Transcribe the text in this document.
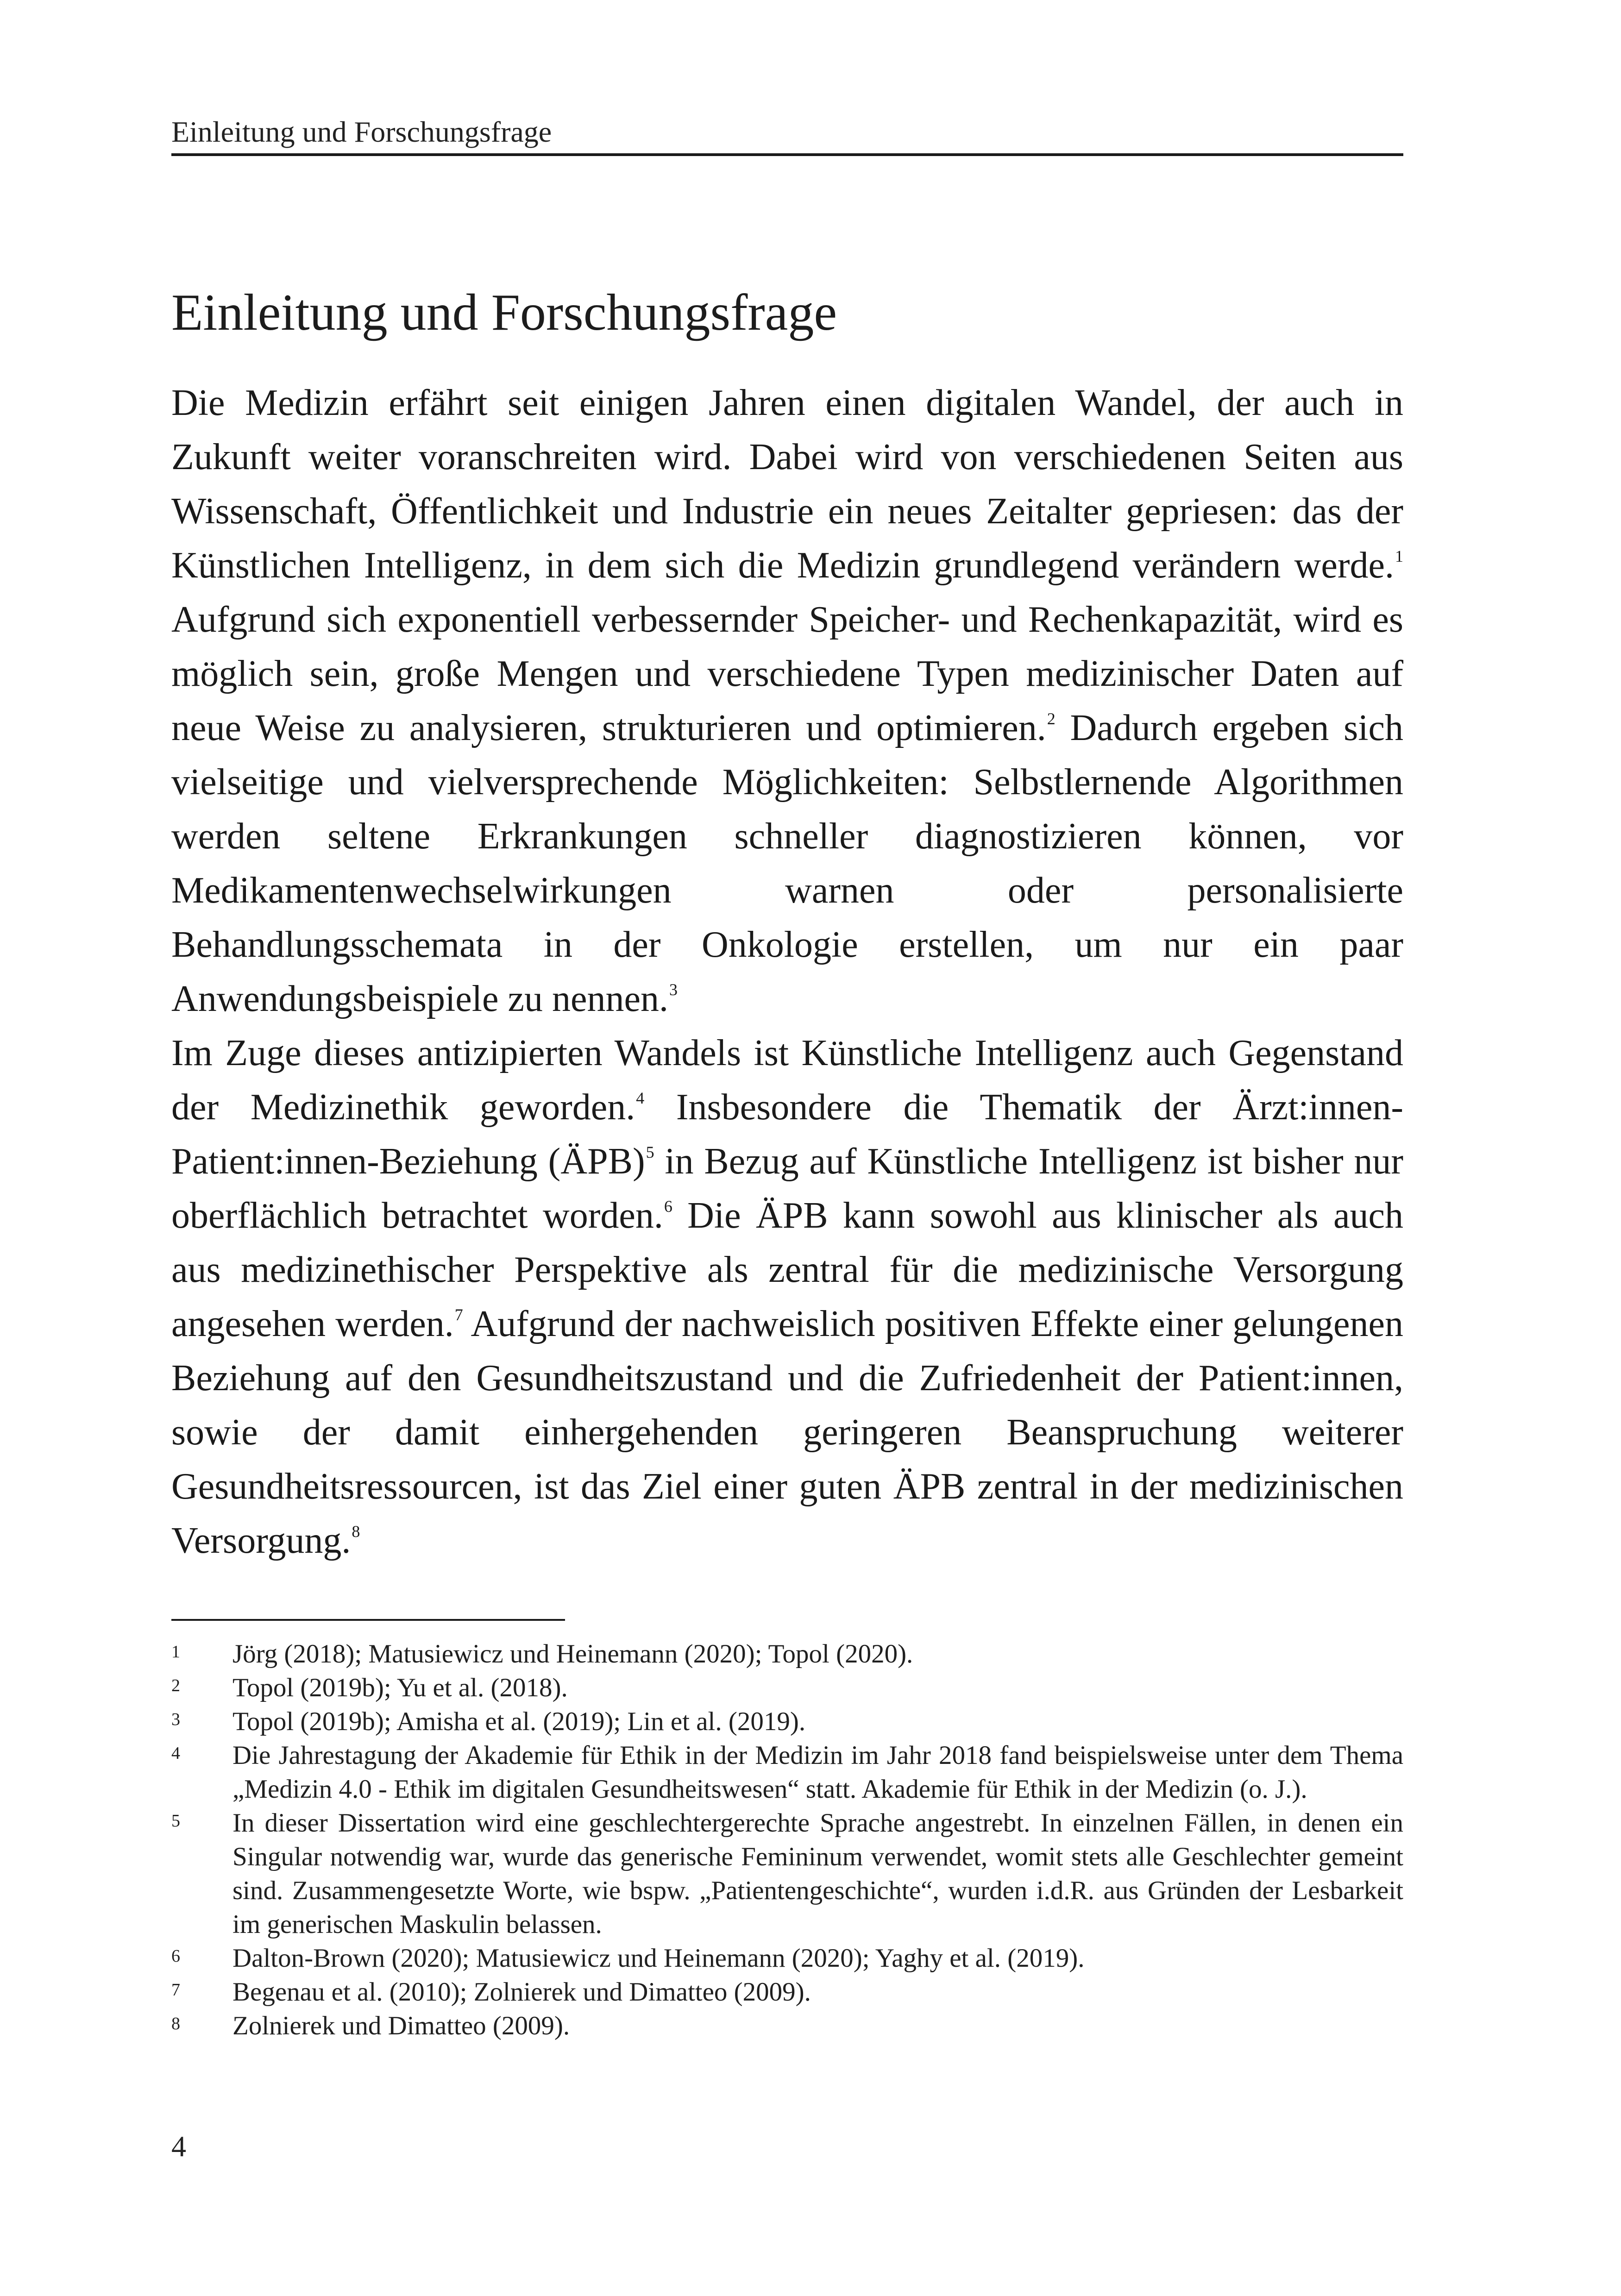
Einleitung und Forschungsfrage
Einleitung und Forschungsfrage

Die Medizin erfährt seit einigen Jahren einen digitalen Wandel, der auch in Zukunft weiter voranschreiten wird. Dabei wird von verschiedenen Seiten aus Wissenschaft, Öffentlichkeit und Industrie ein neues Zeitalter gepriesen: das der Künstlichen Intelligenz, in dem sich die Medizin grundlegend verändern werde.$^1$ Aufgrund sich exponentiell verbessernder Speicher- und Rechenkapazität, wird es möglich sein, große Mengen und verschiedene Typen medizinischer Daten auf neue Weise zu analysieren, strukturieren und optimieren.$^2$ Dadurch ergeben sich vielseitige und vielversprechende Möglichkeiten: Selbstlernende Algorithmen werden seltene Erkrankungen schneller diagnostizieren können, vor Medikamentenwechselwirkungen warnen oder personalisierte Behandlungsschemata in der Onkologie erstellen, um nur ein paar Anwendungsbeispiele zu nennen.$^3$

Im Zuge dieses antizipierten Wandels ist Künstliche Intelligenz auch Gegenstand der Medizinethik geworden.$^4$ Insbesondere die Thematik der Ärzt:innen-Patient:innen-Beziehung (ÄPB)$^5$ in Bezug auf Künstliche Intelligenz ist bisher nur oberflächlich betrachtet worden.$^6$ Die ÄPB kann sowohl aus klinischer als auch aus medizinethischer Perspektive als zentral für die medizinische Versorgung angesehen werden.$^7$ Aufgrund der nachweislich positiven Effekte einer gelungenen Beziehung auf den Gesundheitszustand und die Zufriedenheit der Patient:innen, sowie der damit einhergehenden geringeren Beanspruchung weiterer Gesundheitsressourcen, ist das Ziel einer guten ÄPB zentral in der medizinischen Versorgung.$^8$

1	Jörg (2018); Matusiewicz und Heinemann (2020); Topol (2020).
2	Topol (2019b); Yu et al. (2018).
3	Topol (2019b); Amisha et al. (2019); Lin et al. (2019).
4	Die Jahrestagung der Akademie für Ethik in der Medizin im Jahr 2018 fand beispielsweise unter dem Thema „Medizin 4.0 - Ethik im digitalen Gesundheitswesen“ statt. Akademie für Ethik in der Medizin (o. J.).
5	In dieser Dissertation wird eine geschlechtergerechte Sprache angestrebt. In einzelnen Fällen, in denen ein Singular notwendig war, wurde das generische Femininum verwendet, womit stets alle Geschlechter gemeint sind. Zusammengesetzte Worte, wie bspw. „Patientengeschichte“, wurden i.d.R. aus Gründen der Lesbarkeit im generischen Maskulin belassen.
6	Dalton-Brown (2020); Matusiewicz und Heinemann (2020); Yaghy et al. (2019).
7	Begenau et al. (2010); Zolnierek und Dimatteo (2009).
8	Zolnierek und Dimatteo (2009).
4
